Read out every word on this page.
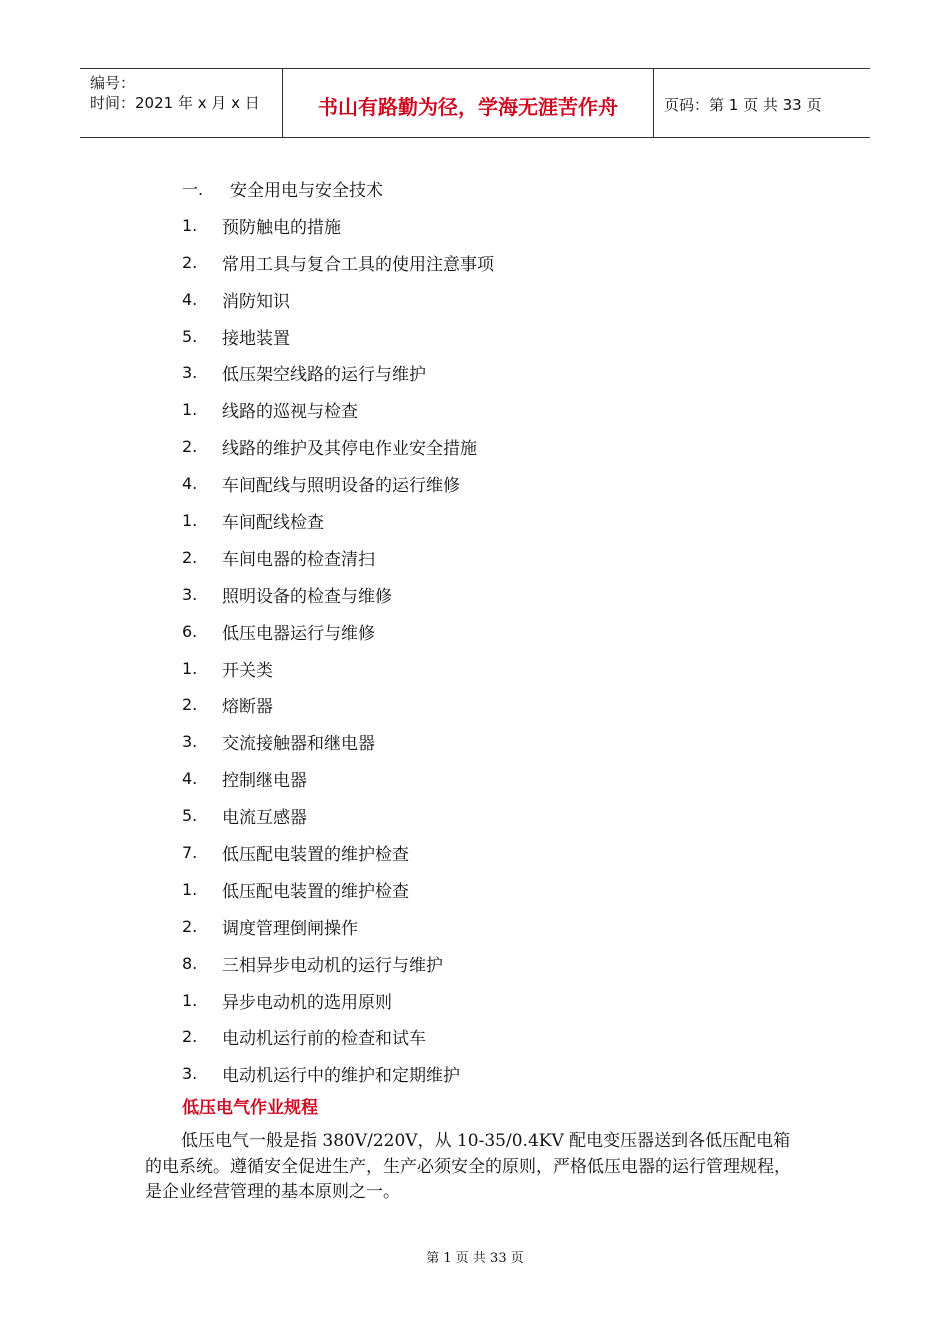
编号：
时间：2021 年 x 月 x 日	书山有路勤为径，学海无涯苦作舟	页码：第 1 页 共 33 页
一.	安全用电与安全技术
1.	预防触电的措施
2.	常用工具与复合工具的使用注意事项
4.	消防知识
5.	接地装置
3.	低压架空线路的运行与维护
1.	线路的巡视与检查
2.	线路的维护及其停电作业安全措施
4.	车间配线与照明设备的运行维修
1.	车间配线检查
2.	车间电器的检查清扫
3.	照明设备的检查与维修
6.	低压电器运行与维修
1.	开关类
2.	熔断器
3.	交流接触器和继电器
4.	控制继电器
5.	电流互感器
7.	低压配电装置的维护检查
1.	低压配电装置的维护检查
2.	调度管理倒闸操作
8.	三相异步电动机的运行与维护
1.	异步电动机的选用原则
2.	电动机运行前的检查和试车
3.	电动机运行中的维护和定期维护
低压电气作业规程

低压电气一般是指 380V/220V，从 10-35/0.4KV 配电变压器送到各低压配电箱的电系统。遵循安全促进生产，生产必须安全的原则，严格低压电器的运行管理规程，是企业经营管理的基本原则之一。

第 1 页 共 33 页
